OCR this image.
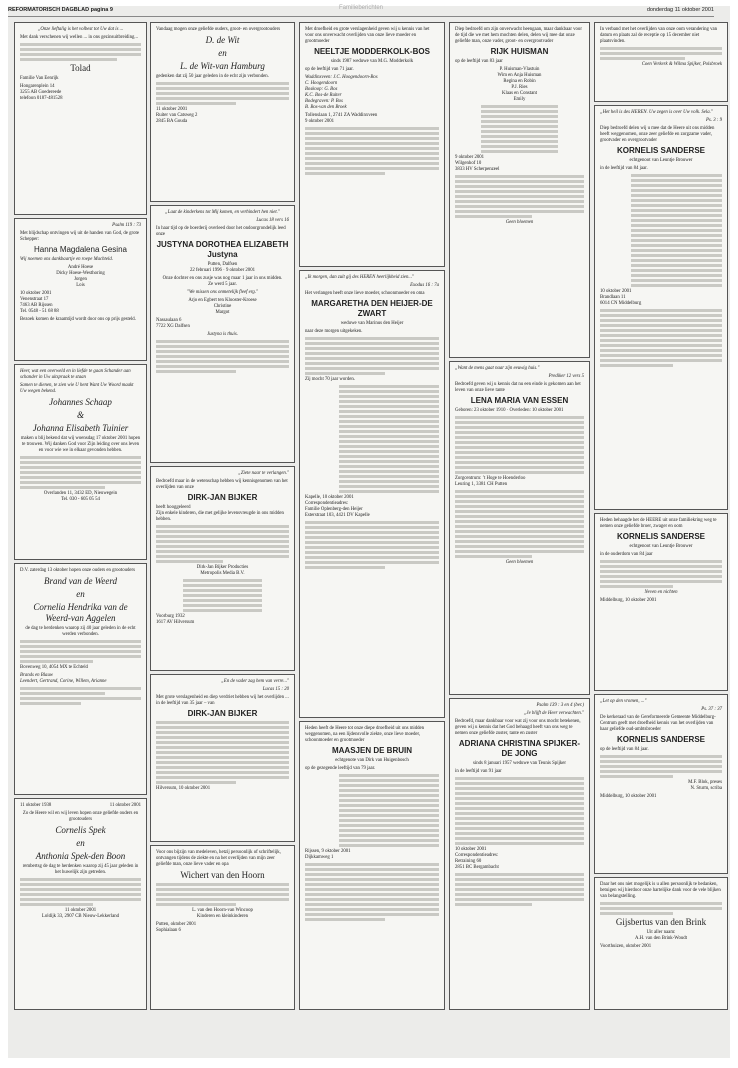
REFORMATORISCH DAGBLAD pagina 9	Familieberichten	donderdag 11 oktober 2001

„Onze lieftalig is het volbest tot Uw dat is ...

Met dank verschenen wij wellen ... in ons gezinsuitbreiding...

Tolad

Familie Van Eenrijk

Hongarenplein 14
3255 AB Goedereede
telefoon 0187-481528

Psalm 119 : 73

Met blijdschap ontvingen wij uit de handen van God, de grote Schepper:

Hanna Magdalena Gesina

Wij noemen ons dankbaartje en roepe Machteld.

André Hoese
Dicky Hoese-Westhoring
Jorgen
Lois

10 oktober 2001
Venenstraat 17
7463 AB Rijssen
Tel. 0548 - 51 68 88

Bezoek komen de kraamtijd wordt door ons op prijs gesteld.

Heer, wat een overweld en in liefde te gaan Schander aan schander in Uw uitspraak te staan

Samen te dienen, te zien wie U hent Want Uw Woord maakt Uw wegen bekend.

Johannes Schaap

&

Johanna Elisabeth Tuinier

maken u blij bekend dat wij woensdag 17 oktober 2001 hopen te trouwen. Wij danken God voor Zijn leiding over ons leven en voor wie we in elkaar gevonden hebben.

Overlanden 11, 3432 ED, Nieuwegein
Tel. 030 - 605 05 54

D.V. zaterdag 13 oktober hopen onze ouders en grootouders

Brand van de Weerd

en

Cornelia Hendrika van de Weerd-van Aggelen

de dag te herdenken waarop zij 40 jaar geleden in de echt werden verbonden.

Bovenweg 10, 4054 MX te Echteld

Brands en Blauw
Leendert, Gertrand, Corine, Willem, Arianne

11 oktober 1938	11 oktober 2001

Zo de Heere wil en wij leven hopen onze geliefde ouders en grootouders

Cornelis Spek

en

Anthonia Spek-den Boon

rembertsg de dag te herdenken waarop zij 45 jaar geleden in het huwelijk zijn getreden.

11 oktober 2001
Loldijk 33, 2907 CB Nieuw-Lekkerland

Vandaag mogen onze geliefde ouders, groot- en overgrootouders

D. de Wit

en

L. de Wit-van Hamburg

gedenken dat zij 50 jaar geleden in de echt zijn verbonden.

11 oktober 2001
Ruiter van Catsweg 2
2845 BA Gouda

„Laat de kinderkens tot Mij komen, en verhindert hen niet."

Lucas 18 vers 16

In haar tijd op de boerderij overleed door het ondoorgrondelijk leed onze

JUSTYNA DOROTHEA ELIZABETH
Justyna

Putten, Dalfsen
22 februari 1996 · 9 oktober 2001

Onze dochter en ons zusje was nog maar 1 jaar in ons midden.
Ze werd 5 jaar.

"We missen ons onmetelijk fleef erg."

Arjo en Egbert ten Klooster-Kroese
Christine
Margot

Nassaulaan 6
7722 XG Dalfsen

Justyna is thuis.

„Ziete naar te verlangen."

Bedroefd maar in de wetenschap hebben wij kennisgenomen van het overlijden van onze

DIRK-JAN BIJKER

heeft hooggeleerd
Zijn enkele kinderen, die met gelijke levensvreugde in ons midden hebben.

Dirk-Jan Bijker Producties
Metropolis Media B.V.

Voorburg 1932
1617 AV Hilversum

„En de vader zag hem van verre..."

Lucas 15 : 20

Met grote verslagenheid en diep verdriet hebben wij het overlijden ... in de leeftijd van 35 jaar – van

DIRK-JAN BIJKER

Hilversum, 10 oktober 2001

Voor ons bijzijn van medeleven, hetzij persoonlijk of schriftelijk, ontvangen tijdens de ziekte en na het overlijden van mijn zeer geliefde man, onze lieve vader en opa

Wichert van den Hoorn

L. van den Hoorn-van Wincoop
Kinderen en kleinkinderen

Putten, oktober 2001
Sophialaan 6

Met droefheid en grote verslagenheid geven wij u kennis van het voor ons onverwacht overlijden van onze lieve moeder en grootmoeder

NEELTJE MODDERKOLK-BOS

sinds 1987 weduwe van M.G. Modderkolk

op de leeftijd van 71 jaar.

Waddinxveen: J.C. Hoogendoorn-Bos
C. Hoogendoorn
Boskoop: G. Bos
K.C. Bos-de Ruiter
Bodegraven: P. Bos
B. Bos-van den Broek

Tollenslaan 1, 2741 ZA Waddinxveen
9 oktober 2001

„Ik morgen, dan zult gij des HEREN heerlijkheid zien..."

Exodus 16 : 7a

Het verlangen heeft onze lieve moeder, schoonmoeder en oma

MARGARETHA DEN HEIJER-DE ZWART

weduwe van Marinus den Heijer

naar deze morgen uitgekeken.

Zij mocht 70 jaar worden.

Kapelle, 10 oktober 2001
Correspondentieadres:
Familie Oplenberg-den Heijer
Esterstraat 103, 4421 DV Kapelle

Heden heeft de Heere tot onze diepe droefheid uit ons midden weggenomen, na een lijdensvolle ziekte, onze lieve moeder, schoonmoeder en grootmoeder

MAASJEN DE BRUIN

echtgenote van Dirk van Huigenbosch

op de gezegende leeftijd van 79 jaar.

Rijssen, 9 oktober 2001
Dijkkamweg 1

Diep bedroefd om zijn onverwacht heengaan, maar dankbaar voor de tijd die we met hem mochten delen, delen wij mee dat onze geliefde man, onze vader, groot- en overgrootvader

RIJK HUISMAN

op de leeftijd van 83 jaar

P. Huisman-Vlastuin
Wim en Anja Huisman
Regina en Robin
P.J. Ries
Klaas en Constant
Emily

9 oktober 2001
Wilgenhof 10
3833 HV Scherpenzeel

Geen bloemen

„Want de mens gaat naar zijn eeuwig huis."

Prediker 12 vers 5

Bedroefd geven wij u kennis dat nu een einde is gekomen aan het leven van onze lieve tante

LENA MARIA VAN ESSEN

Geboren: 23 oktober 1910 · Overleden: 10 oktober 2001

Zorgcentrum: ’t Hoge te Hoenderloo
Leuring 1, 3381 CH Putten

Geen bloemen

Psalm 139 : 3 en 4 (ber.)

„Je blijft de Heer verwachten."

Bedroefd, maar dankbaar voor wat zij voor ons mocht betekenen, geven wij u kennis dat het God behaagd heeft van ons weg te nemen onze geliefde zuster, tante en zuster

ADRIANA CHRISTINA SPIJKER-DE JONG

sinds 8 januari 1957 weduwe van Teunis Spijker

in de leeftijd van 91 jaar

10 oktober 2001
Correspondentieadres:
Retraining 60
2851 BC Bergambacht

In verband met het overlijden van onze oom verandering van datum en plaats zal de receptie op 15 december niet plaatsvinden.

Coen Verkerk & Wilma Spijker, Polsbroek

„Het heil is des HEREN. Uw zegen is over Uw volk. Sela."

Ps. 3 : 9

Diep bedroefd delen wij u mee dat de Heere uit ons midden heeft weggenomen, onze zeer geliefde en zorgzame vader, grootvader en overgrootvader

KORNELIS SANDERSE

echtgenoot van Leuntje Brouwer

in de leeftijd van 84 jaar.

10 oktober 2001
Brandlaan 11
6014 CN Middelburg

Heden behaagde het de HEERE uit onze familiekring weg te nemen onze geliefde broer, zwager en oom

KORNELIS SANDERSE

echtgenoot van Leuntje Brouwer

in de ouderdom van 84 jaar

Neven en nichten

Middelburg, 10 oktober 2001

„Let op den vromen, ..."

Ps. 37 : 37

De kerkeraad van de Gereformeerde Gemeente Middelburg-Centrum geeft met droefheid kennis van het overlijden van haar geliefde oud-ambtsbroeder

KORNELIS SANDERSE

op de leeftijd van 84 jaar.

M.F. Blok, preses
N. Sturm, scriba

Middelburg, 10 oktober 2001

Daar het ons niet mogelijk is u allen persoonlijk te bedanken, betuigen wij hierdoor onze hartelijke dank voor de vele blijken van belangstelling.

Gijsbertus van den Brink

Uit aller naam:
A.H. van den Brink-Woudt

Voorthuizen, oktober 2001
